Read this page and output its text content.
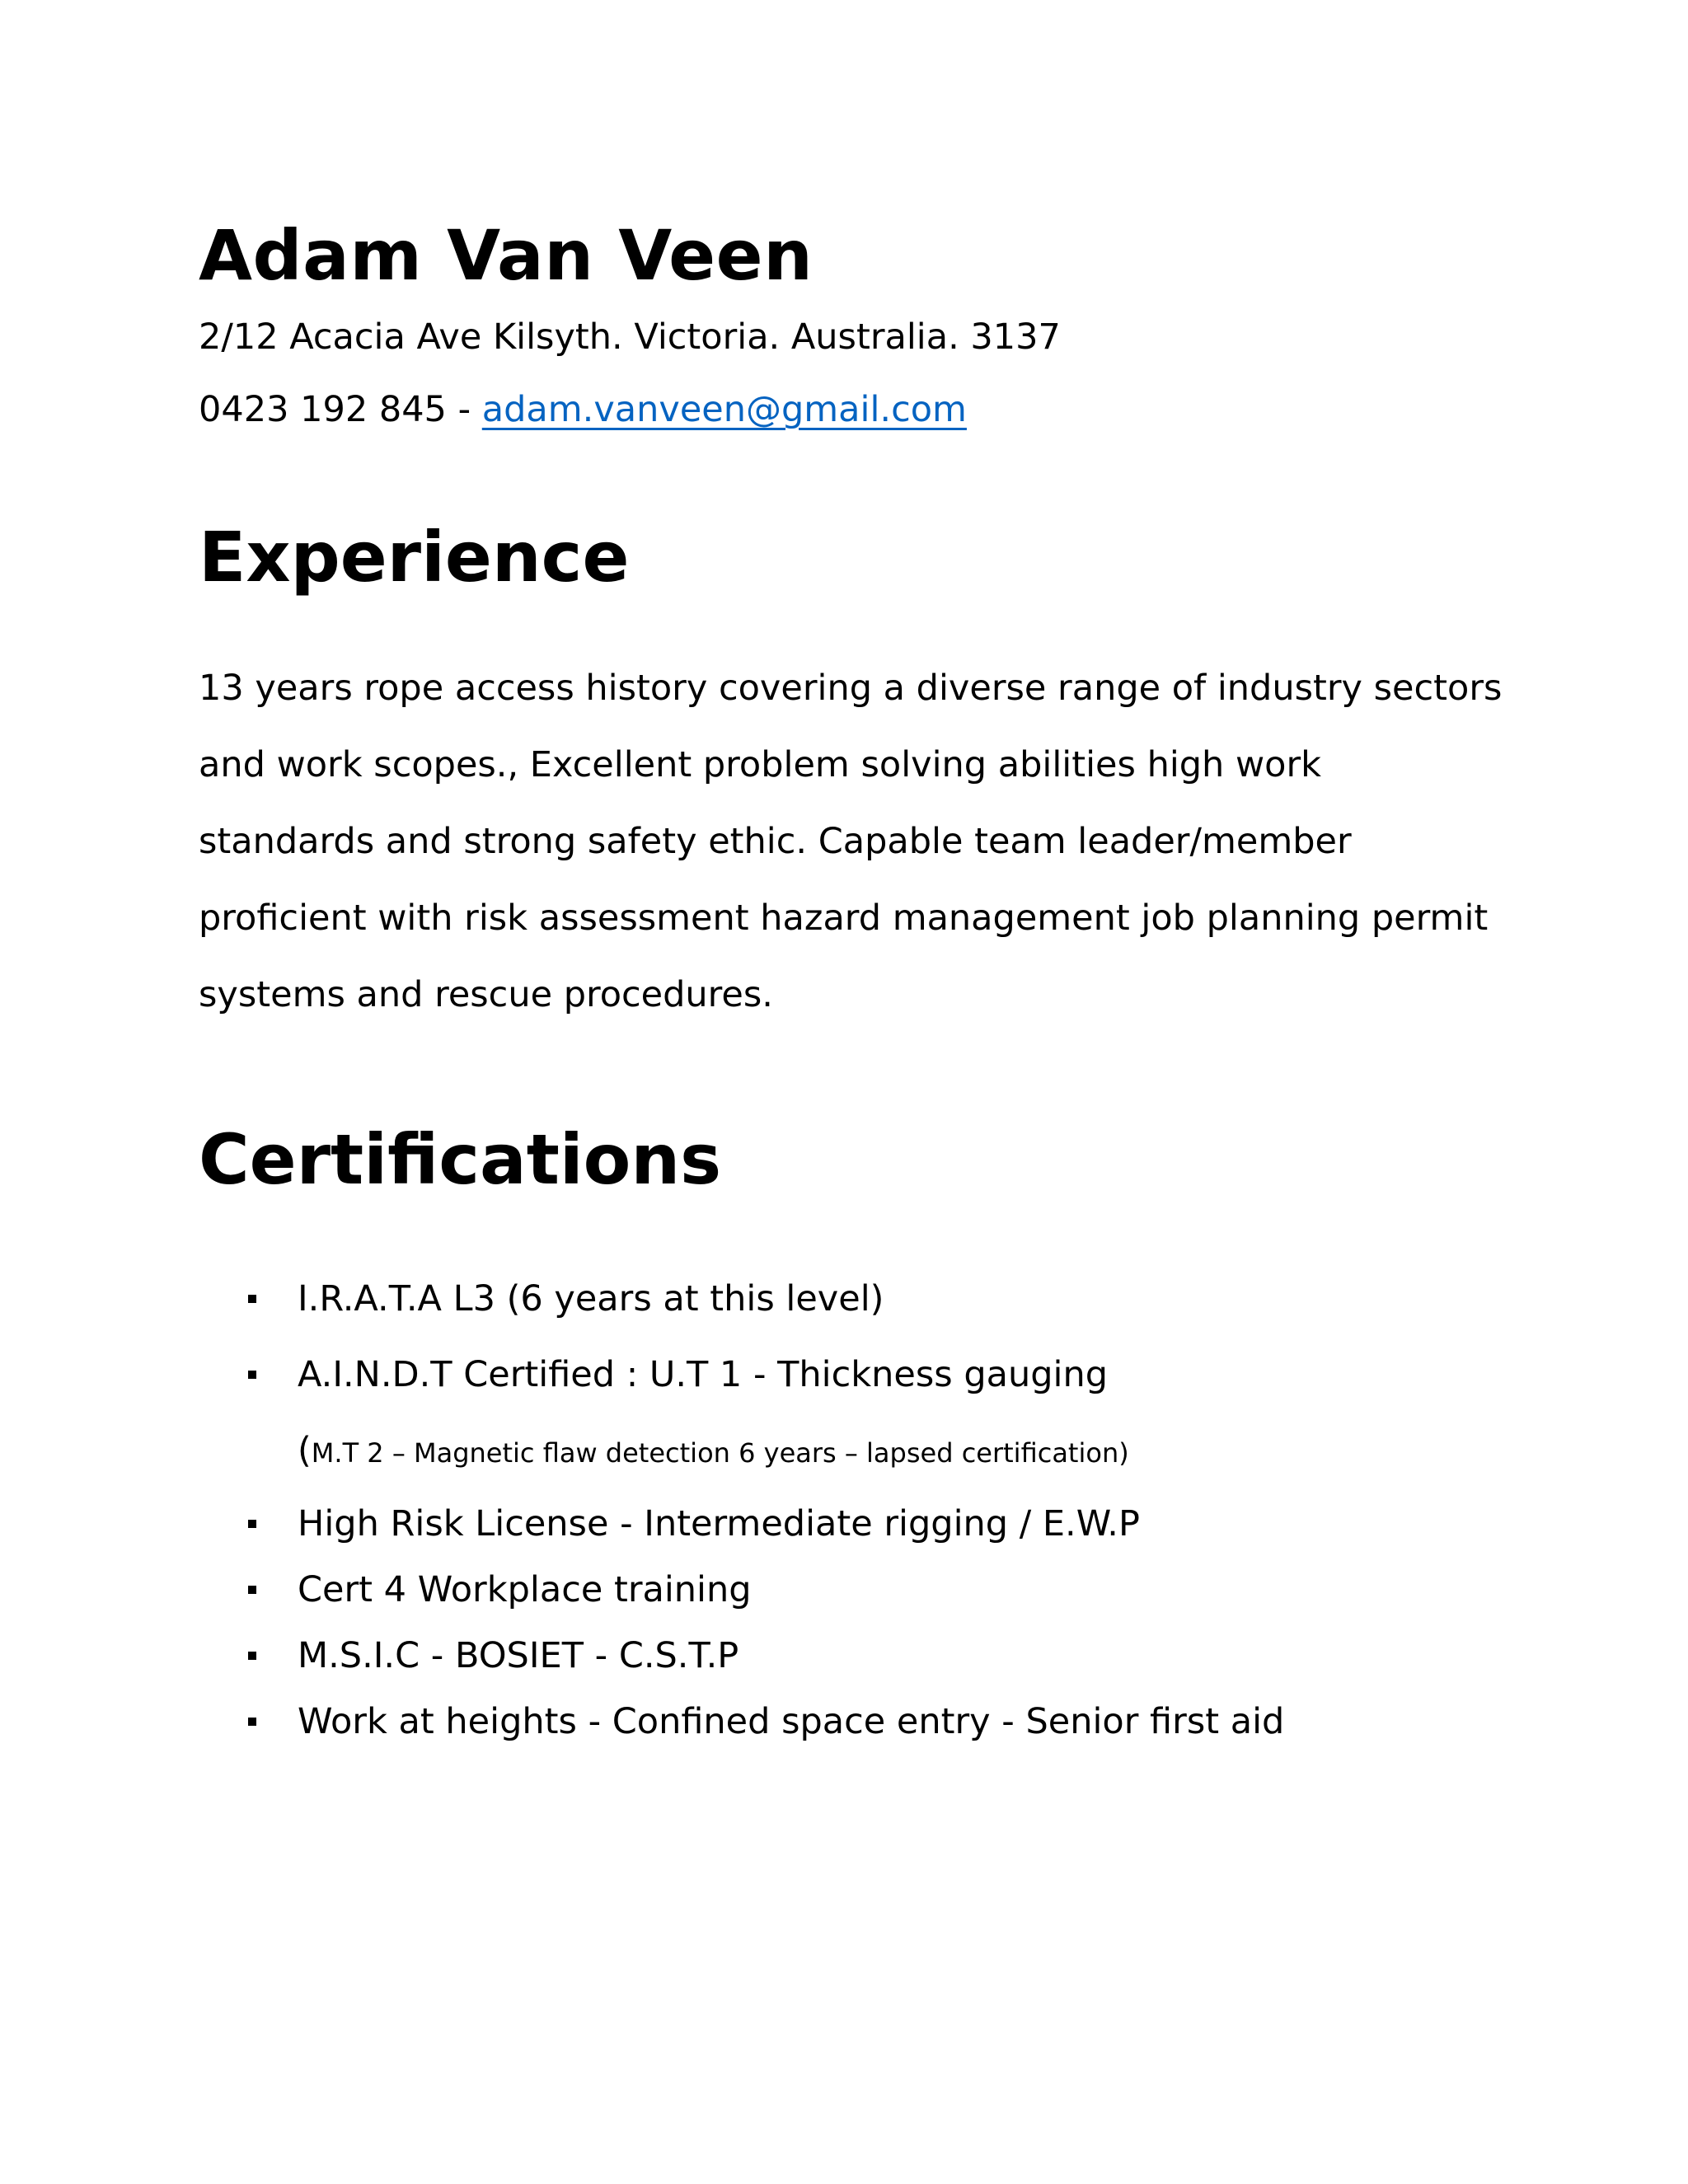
Adam Van Veen
2/12 Acacia Ave Kilsyth. Victoria. Australia. 3137
0423 192 845 - adam.vanveen@gmail.com
Experience
13 years rope access history covering a diverse range of industry sectors
and work scopes., Excellent problem solving abilities high work
standards and strong safety ethic. Capable team leader/member
proficient with risk assessment hazard management job planning permit
systems and rescue procedures.
Certifications
I.R.A.T.A L3 (6 years at this level)
A.I.N.D.T Certified : U.T 1 - Thickness gauging
(M.T 2 – Magnetic flaw detection 6 years – lapsed certification)
High Risk License - Intermediate rigging / E.W.P
Cert 4 Workplace training
M.S.I.C - BOSIET - C.S.T.P
Work at heights - Confined space entry - Senior first aid
